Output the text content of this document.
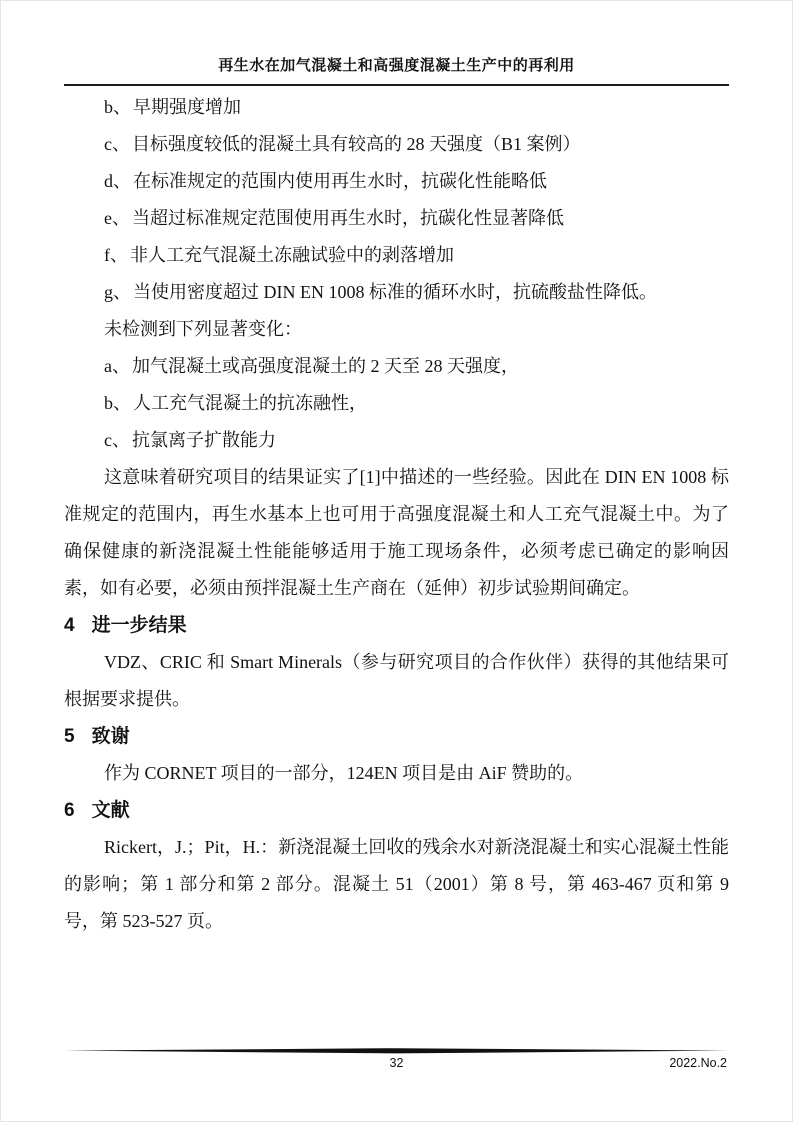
再生水在加气混凝土和高强度混凝土生产中的再利用

b、 早期强度增加

c、 目标强度较低的混凝土具有较高的 28 天强度（B1 案例）

d、 在标准规定的范围内使用再生水时，抗碳化性能略低

e、 当超过标准规定范围使用再生水时，抗碳化性显著降低

f、 非人工充气混凝土冻融试验中的剥落增加

g、 当使用密度超过 DIN EN 1008 标准的循环水时，抗硫酸盐性降低。

未检测到下列显著变化：

a、 加气混凝土或高强度混凝土的 2 天至 28 天强度，

b、 人工充气混凝土的抗冻融性，

c、 抗氯离子扩散能力

这意味着研究项目的结果证实了[1]中描述的一些经验。因此在 DIN EN 1008 标准规定的范围内，再生水基本上也可用于高强度混凝土和人工充气混凝土中。为了确保健康的新浇混凝土性能能够适用于施工现场条件，必须考虑已确定的影响因素，如有必要，必须由预拌混凝土生产商在（延伸）初步试验期间确定。

4 进一步结果

VDZ、CRIC 和 Smart Minerals（参与研究项目的合作伙伴）获得的其他结果可根据要求提供。

5 致谢

作为 CORNET 项目的一部分，124EN 项目是由 AiF 赞助的。

6 文献

Rickert，J.；Pit，H.：新浇混凝土回收的残余水对新浇混凝土和实心混凝土性能的影响；第 1 部分和第 2 部分。混凝土 51（2001）第 8 号，第 463-467 页和第 9 号，第 523-527 页。

32	2022.No.2
